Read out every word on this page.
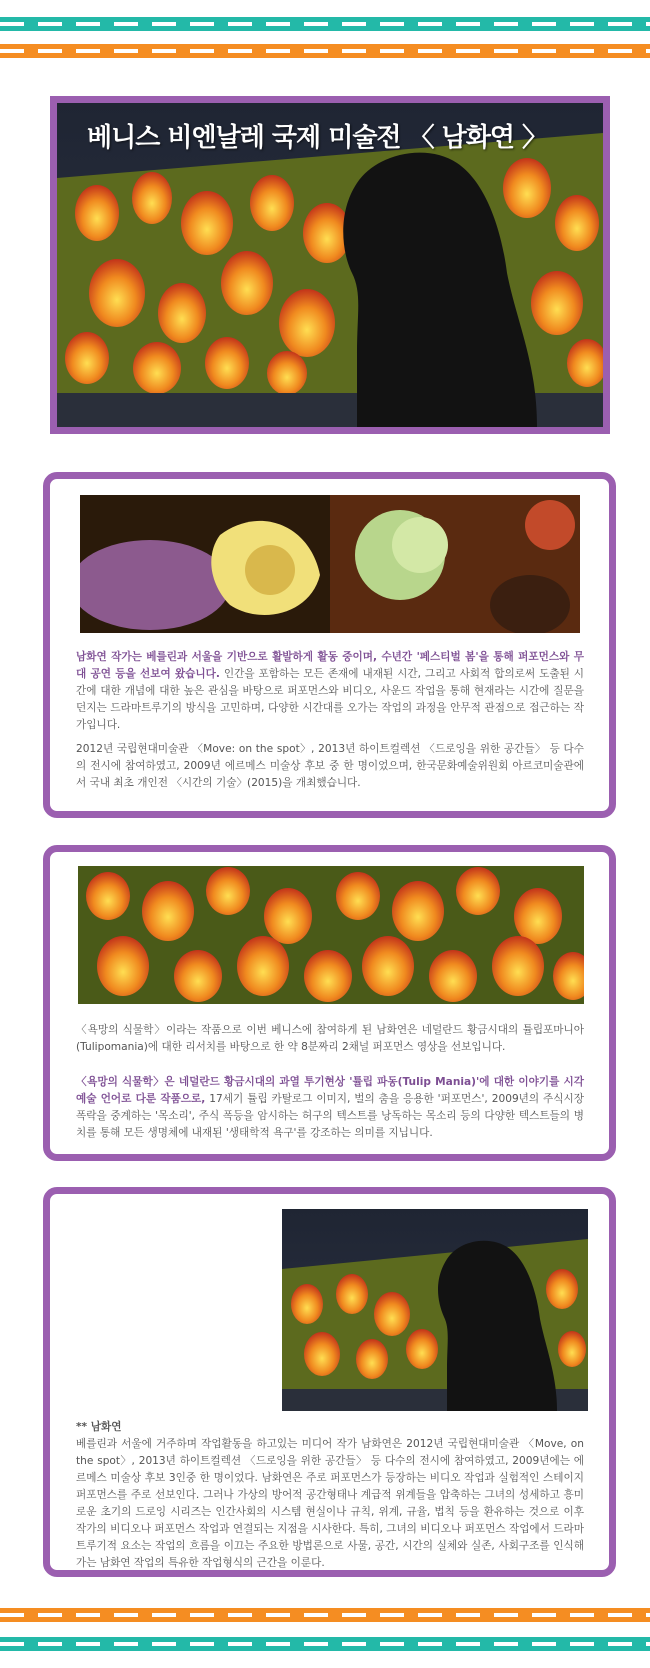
베니스 비엔날레 국제 미술전 〈 남화연 〉
남화연 작가는 베를린과 서울을 기반으로 활발하게 활동 중이며, 수년간 '페스티벌 봄'을 통해 퍼포먼스와 무대 공연 등을 선보여 왔습니다. 인간을 포함하는 모든 존재에 내재된 시간, 그리고 사회적 합의로써 도출된 시간에 대한 개념에 대한 높은 관심을 바탕으로 퍼포먼스와 비디오, 사운드 작업을 통해 현재라는 시간에 질문을 던지는 드라마트루기의 방식을 고민하며, 다양한 시간대를 오가는 작업의 과정을 안무적 관점으로 접근하는 작가입니다.
2012년 국립현대미술관 〈Move: on the spot〉, 2013년 하이트컬렉션 〈드로잉을 위한 공간들〉 등 다수의 전시에 참여하였고, 2009년 에르메스 미술상 후보 중 한 명이었으며, 한국문화예술위원회 아르코미술관에서 국내 최초 개인전 〈시간의 기술〉(2015)을 개최했습니다.
〈욕망의 식물학〉이라는 작품으로 이번 베니스에 참여하게 된 남화연은 네덜란드 황금시대의 튤립포마니아(Tulipomania)에 대한 리서치를 바탕으로 한 약 8분짜리 2채널 퍼포먼스 영상을 선보입니다.
〈욕망의 식물학〉은 네덜란드 황금시대의 과열 투기현상 '튤립 파동(Tulip Mania)'에 대한 이야기를 시각예술 언어로 다룬 작품으로, 17세기 튤립 카탈로그 이미지, 벌의 춤을 응용한 '퍼포먼스', 2009년의 주식시장 폭락을 중계하는 '목소리', 주식 폭등을 암시하는 허구의 텍스트를 낭독하는 목소리 등의 다양한 텍스트들의 병치를 통해 모든 생명체에 내재된 '생태학적 욕구'를 강조하는 의미를 지닙니다.
** 남화연
베를린과 서울에 거주하며 작업활동을 하고있는 미디어 작가 남화연은 2012년 국립현대미술관 〈Move, on the spot〉, 2013년 하이트컬렉션 〈드로잉을 위한 공간들〉 등 다수의 전시에 참여하였고, 2009년에는 에르메스 미술상 후보 3인중 한 명이었다. 남화연은 주로 퍼포먼스가 등장하는 비디오 작업과 실험적인 스테이지 퍼포먼스를 주로 선보인다. 그러나 가상의 방어적 공간형태나 계급적 위계들을 압축하는 그녀의 성세하고 흥미로운 초기의 드로잉 시리즈는 인간사회의 시스템 현실이나 규칙, 위계, 규율, 법칙 등을 환유하는 것으로 이후 작가의 비디오나 퍼포먼스 작업과 연결되는 지점을 시사한다. 특히, 그녀의 비디오나 퍼포먼스 작업에서 드라마트루기적 요소는 작업의 흐름을 이끄는 주요한 방법론으로 사물, 공간, 시간의 실체와 실존, 사회구조를 인식해가는 남화연 작업의 특유한 작업형식의 근간을 이룬다.
